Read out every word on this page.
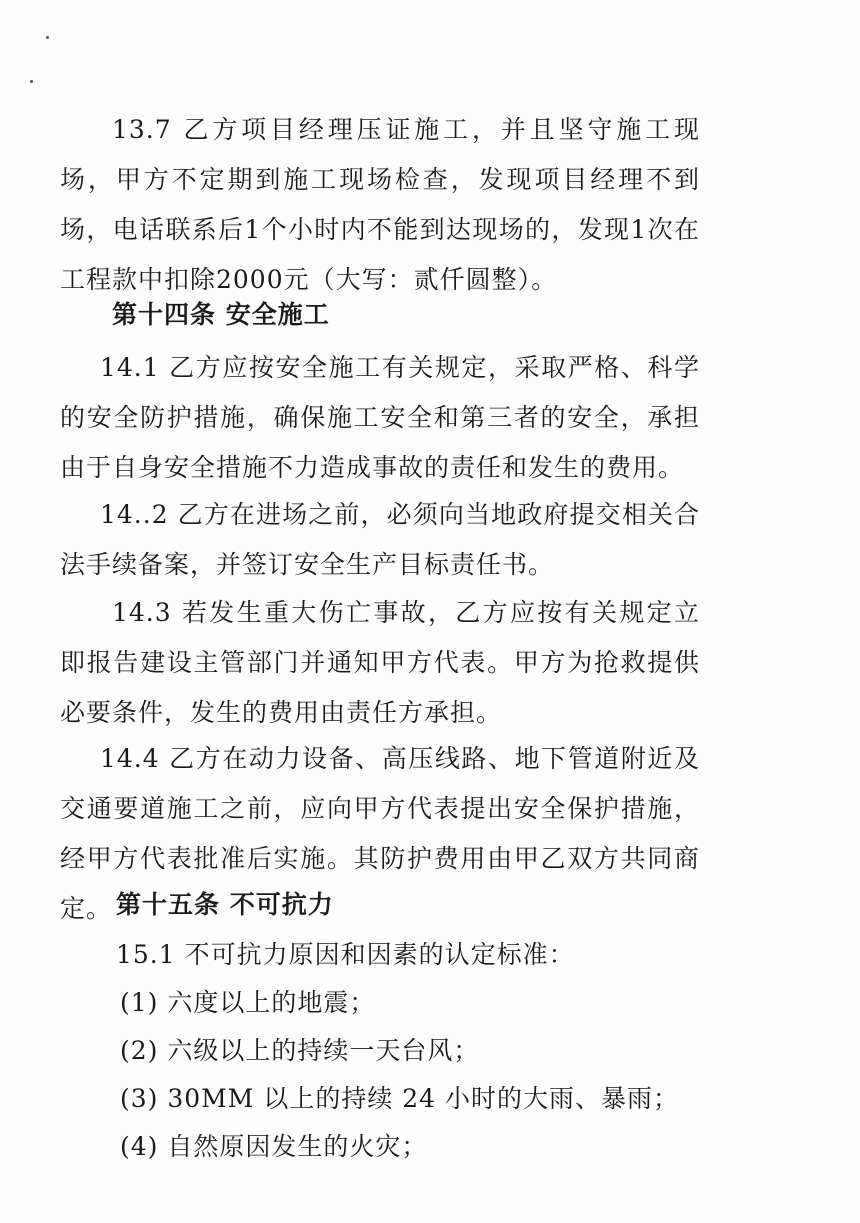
13.7 乙方项目经理压证施工，并且坚守施工现场，甲方不定期到施工现场检查，发现项目经理不到场，电话联系后1个小时内不能到达现场的，发现1次在工程款中扣除2000元（大写：贰仟圆整）。

第十四条 安全施工

14.1 乙方应按安全施工有关规定，采取严格、科学的安全防护措施，确保施工安全和第三者的安全，承担由于自身安全措施不力造成事故的责任和发生的费用。

14..2 乙方在进场之前，必须向当地政府提交相关合法手续备案，并签订安全生产目标责任书。

14.3 若发生重大伤亡事故，乙方应按有关规定立即报告建设主管部门并通知甲方代表。甲方为抢救提供必要条件，发生的费用由责任方承担。

14.4 乙方在动力设备、高压线路、地下管道附近及交通要道施工之前，应向甲方代表提出安全保护措施，经甲方代表批准后实施。其防护费用由甲乙双方共同商定。 第十五条 不可抗力

15.1 不可抗力原因和因素的认定标准：

(1) 六度以上的地震；

(2) 六级以上的持续一天台风；

(3) 30MM 以上的持续 24 小时的大雨、暴雨；

(4) 自然原因发生的火灾；
